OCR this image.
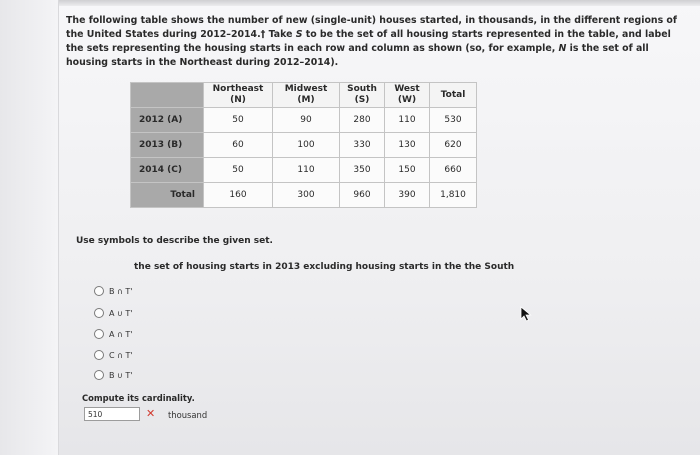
The following table shows the number of new (single-unit) houses started, in thousands, in the different regions of the United States during 2012–2014.† Take S to be the set of all housing starts represented in the table, and label the sets representing the housing starts in each row and column as shown (so, for example, N is the set of all housing starts in the Northeast during 2012–2014).

	Northeast
(N)	Midwest
(M)	South
(S)	West
(W)	Total

2012 (A)	50	90	280	110	530
2013 (B)	60	100	330	130	620
2014 (C)	50	110	350	150	660
Total	160	300	960	390	1,810
Use symbols to describe the given set.
the set of housing starts in 2013 excluding housing starts in the the South
B ∩ T'
A ∪ T'
A ∩ T'
C ∩ T'
B ∪ T'
Compute its cardinality.
510
✕ thousand
